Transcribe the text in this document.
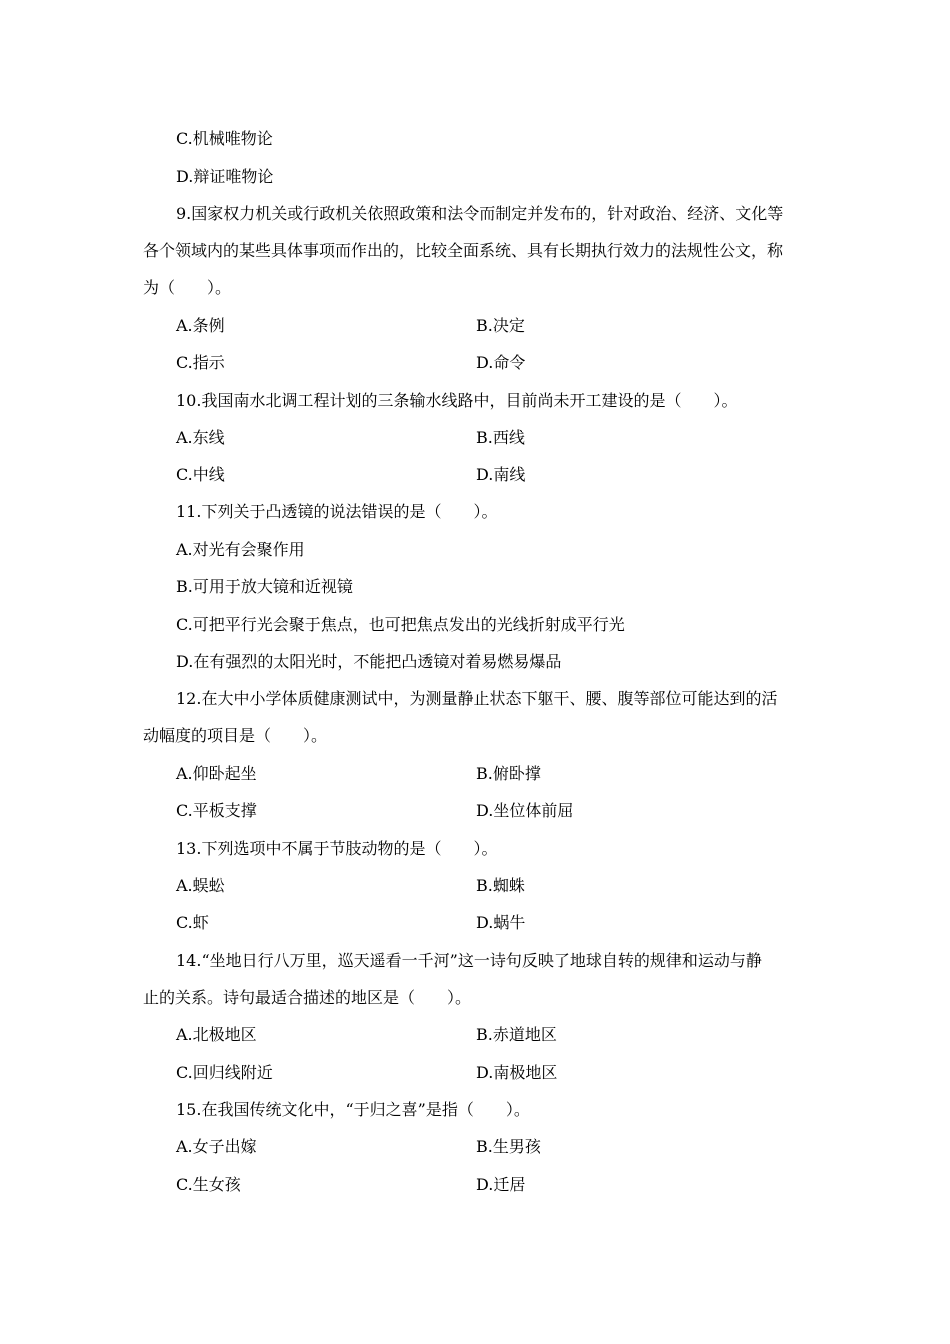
C.机械唯物论
D.辩证唯物论
9.国家权力机关或行政机关依照政策和法令而制定并发布的，针对政治、经济、文化等
各个领域内的某些具体事项而作出的，比较全面系统、具有长期执行效力的法规性公文，称
为（　　）。
A.条例	B.决定
C.指示	D.命令
10.我国南水北调工程计划的三条输水线路中，目前尚未开工建设的是（　　）。
A.东线	B.西线
C.中线	D.南线
11.下列关于凸透镜的说法错误的是（　　）。
A.对光有会聚作用
B.可用于放大镜和近视镜
C.可把平行光会聚于焦点，也可把焦点发出的光线折射成平行光
D.在有强烈的太阳光时，不能把凸透镜对着易燃易爆品
12.在大中小学体质健康测试中，为测量静止状态下躯干、腰、腹等部位可能达到的活
动幅度的项目是（　　）。
A.仰卧起坐	B.俯卧撑
C.平板支撑	D.坐位体前屈
13.下列选项中不属于节肢动物的是（　　）。
A.蜈蚣	B.蜘蛛
C.虾	D.蜗牛
14.“坐地日行八万里，巡天遥看一千河”这一诗句反映了地球自转的规律和运动与静
止的关系。诗句最适合描述的地区是（　　）。
A.北极地区	B.赤道地区
C.回归线附近	D.南极地区
15.在我国传统文化中，“于归之喜”是指（　　）。
A.女子出嫁	B.生男孩
C.生女孩	D.迁居
